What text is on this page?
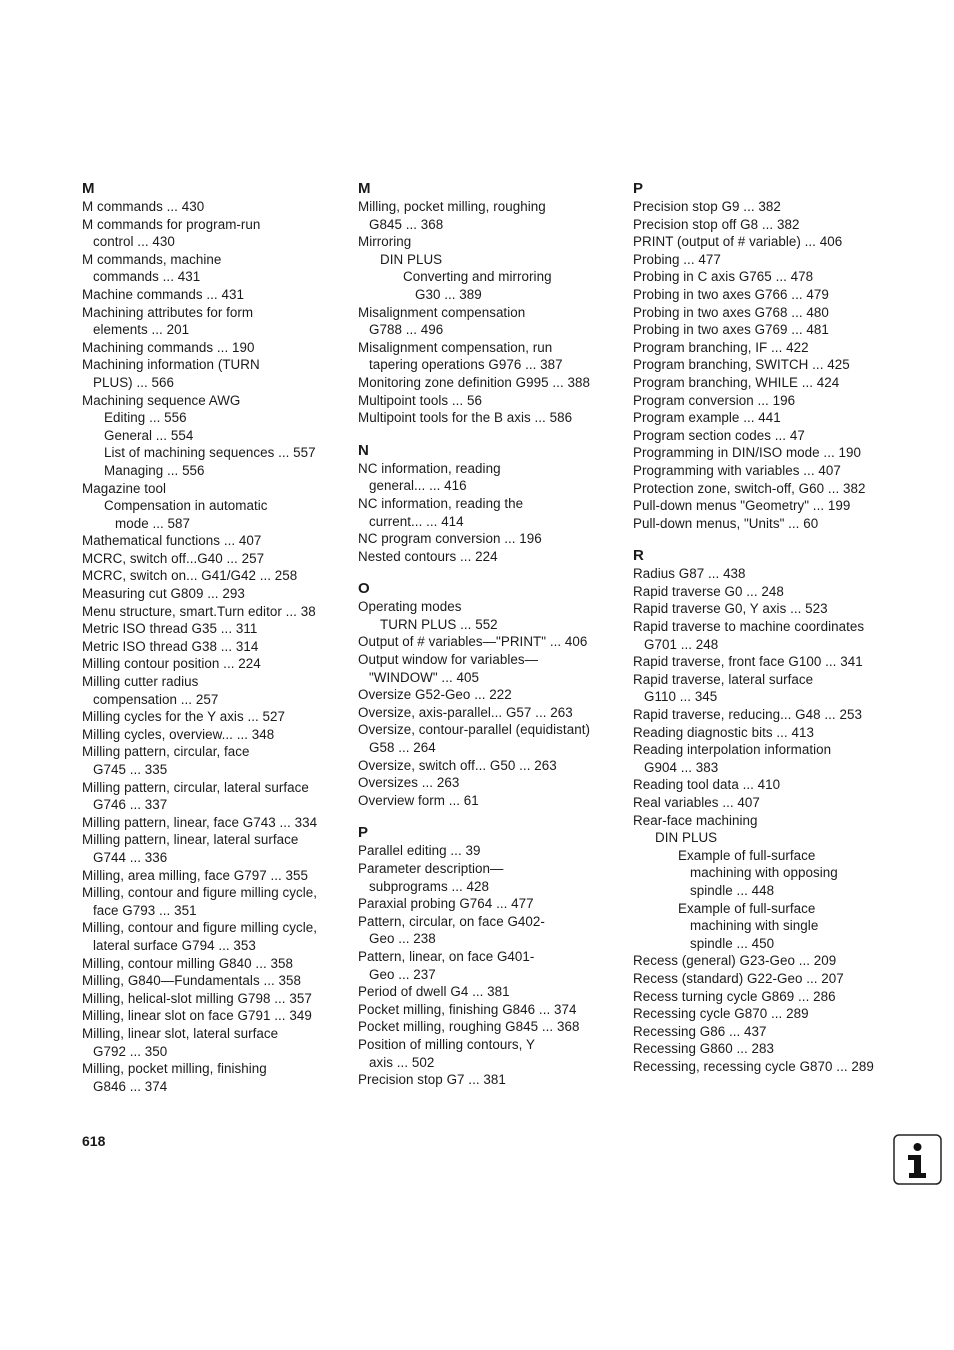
M
M commands ... 430
M commands for program-run
control ... 430
M commands, machine
commands ... 431
Machine commands ... 431
Machining attributes for form
elements ... 201
Machining commands ... 190
Machining information (TURN
PLUS) ... 566
Machining sequence AWG
Editing ... 556
General ... 554
List of machining sequences ... 557
Managing ... 556
Magazine tool
Compensation in automatic
mode ... 587
Mathematical functions ... 407
MCRC, switch off...G40 ... 257
MCRC, switch on... G41/G42 ... 258
Measuring cut G809 ... 293
Menu structure, smart.Turn editor ... 38
Metric ISO thread G35 ... 311
Metric ISO thread G38 ... 314
Milling contour position ... 224
Milling cutter radius
compensation ... 257
Milling cycles for the Y axis ... 527
Milling cycles, overview... ... 348
Milling pattern, circular, face
G745 ... 335
Milling pattern, circular, lateral surface
G746 ... 337
Milling pattern, linear, face G743 ... 334
Milling pattern, linear, lateral surface
G744 ... 336
Milling, area milling, face G797 ... 355
Milling, contour and figure milling cycle,
face G793 ... 351
Milling, contour and figure milling cycle,
lateral surface G794 ... 353
Milling, contour milling G840 ... 358
Milling, G840—Fundamentals ... 358
Milling, helical-slot milling G798 ... 357
Milling, linear slot on face G791 ... 349
Milling, linear slot, lateral surface
G792 ... 350
Milling, pocket milling, finishing
G846 ... 374
M
Milling, pocket milling, roughing
G845 ... 368
Mirroring
DIN PLUS
Converting and mirroring
G30 ... 389
Misalignment compensation
G788 ... 496
Misalignment compensation, run
tapering operations G976 ... 387
Monitoring zone definition G995 ... 388
Multipoint tools ... 56
Multipoint tools for the B axis ... 586
N
NC information, reading
general... ... 416
NC information, reading the
current... ... 414
NC program conversion ... 196
Nested contours ... 224
O
Operating modes
TURN PLUS ... 552
Output of # variables—"PRINT" ... 406
Output window for variables—
"WINDOW" ... 405
Oversize G52-Geo ... 222
Oversize, axis-parallel... G57 ... 263
Oversize, contour-parallel (equidistant)
G58 ... 264
Oversize, switch off... G50 ... 263
Oversizes ... 263
Overview form ... 61
P
Parallel editing ... 39
Parameter description—
subprograms ... 428
Paraxial probing G764 ... 477
Pattern, circular, on face G402-
Geo ... 238
Pattern, linear, on face G401-
Geo ... 237
Period of dwell G4 ... 381
Pocket milling, finishing G846 ... 374
Pocket milling, roughing G845 ... 368
Position of milling contours, Y
axis ... 502
Precision stop G7 ... 381
P
Precision stop G9 ... 382
Precision stop off G8 ... 382
PRINT (output of # variable) ... 406
Probing ... 477
Probing in C axis G765 ... 478
Probing in two axes G766 ... 479
Probing in two axes G768 ... 480
Probing in two axes G769 ... 481
Program branching, IF ... 422
Program branching, SWITCH ... 425
Program branching, WHILE ... 424
Program conversion ... 196
Program example ... 441
Program section codes ... 47
Programming in DIN/ISO mode ... 190
Programming with variables ... 407
Protection zone, switch-off, G60 ... 382
Pull-down menus "Geometry" ... 199
Pull-down menus, "Units" ... 60
R
Radius G87 ... 438
Rapid traverse G0 ... 248
Rapid traverse G0, Y axis ... 523
Rapid traverse to machine coordinates
G701 ... 248
Rapid traverse, front face G100 ... 341
Rapid traverse, lateral surface
G110 ... 345
Rapid traverse, reducing... G48 ... 253
Reading diagnostic bits ... 413
Reading interpolation information
G904 ... 383
Reading tool data ... 410
Real variables ... 407
Rear-face machining
DIN PLUS
Example of full-surface
machining with opposing
spindle ... 448
Example of full-surface
machining with single
spindle ... 450
Recess (general) G23-Geo ... 209
Recess (standard) G22-Geo ... 207
Recess turning cycle G869 ... 286
Recessing cycle G870 ... 289
Recessing G86 ... 437
Recessing G860 ... 283
Recessing, recessing cycle G870 ... 289
618
